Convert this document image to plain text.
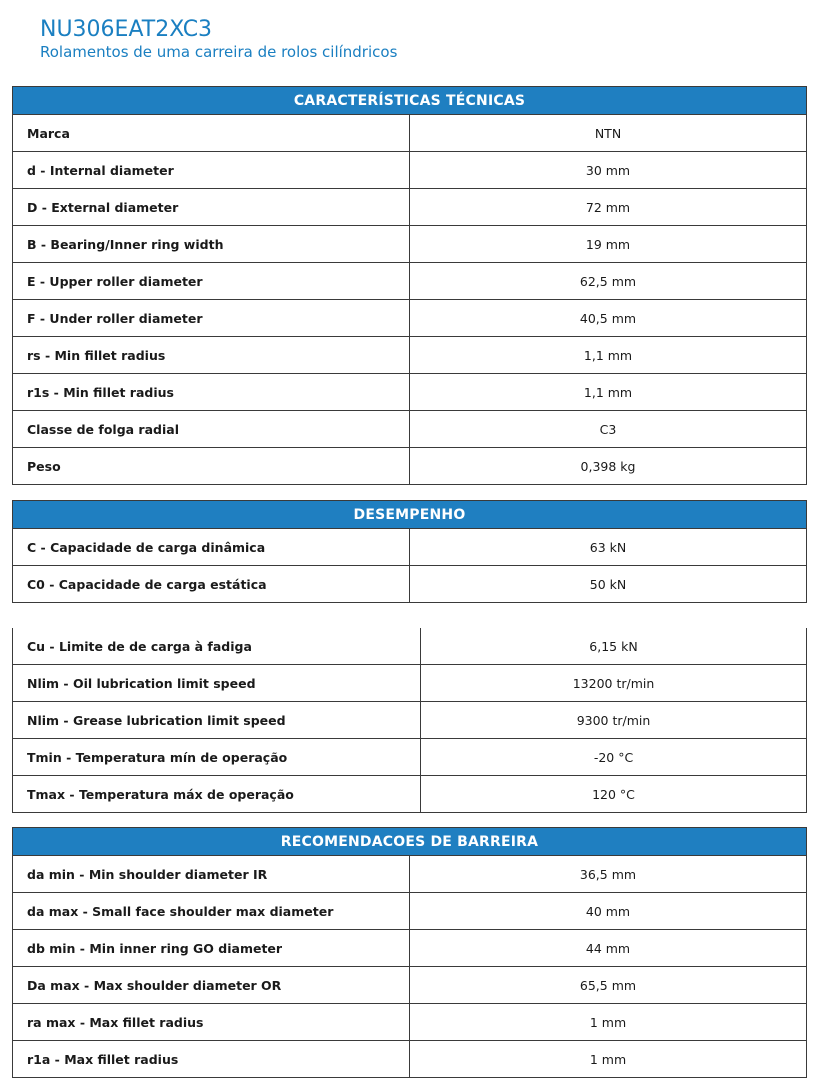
NU306EAT2XC3

Rolamentos de uma carreira de rolos cilíndricos

CARACTERÍSTICAS TÉCNICAS	
Marca	NTN
d - Internal diameter	30 mm
D - External diameter	72 mm
B - Bearing/Inner ring width	19 mm
E - Upper roller diameter	62,5 mm
F - Under roller diameter	40,5 mm
rs - Min fillet radius	1,1 mm
r1s - Min fillet radius	1,1 mm
Classe de folga radial	C3
Peso	0,398 kg
DESEMPENHO	
C - Capacidade de carga dinâmica	63 kN
C0 - Capacidade de carga estática	50 kN
Cu - Limite de de carga à fadiga	6,15 kN
Nlim - Oil lubrication limit speed	13200 tr/min
Nlim - Grease lubrication limit speed	9300 tr/min
Tmin - Temperatura mín de operação	-20 °C
Tmax - Temperatura máx de operação	120 °C
RECOMENDACOES DE BARREIRA	
da min - Min shoulder diameter IR	36,5 mm
da max - Small face shoulder max diameter	40 mm
db min - Min inner ring GO diameter	44 mm
Da max - Max shoulder diameter OR	65,5 mm
ra max - Max fillet radius	1 mm
r1a - Max fillet radius	1 mm
